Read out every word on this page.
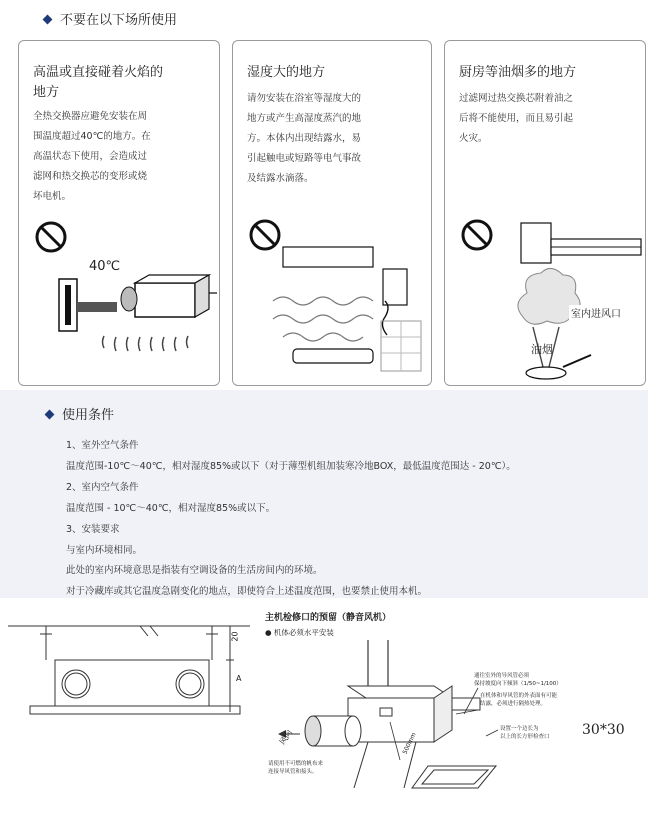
不要在以下场所使用
高温或直接碰着火焰的
地方
全热交换器应避免安装在周
围温度超过40℃的地方。在
高温状态下使用，会造成过
滤网和热交换芯的变形或烧
坏电机。
40℃
湿度大的地方
请勿安装在浴室等湿度大的
地方或产生高湿度蒸汽的地
方。本体内出现结露水，易
引起触电或短路等电气事故
及结露水滴落。
厨房等油烟多的地方
过滤网过热交换芯附着油之
后将不能使用，而且易引起
火灾。
室内进风口
油烟
使用条件
1、室外空气条件
温度范围-10℃～40℃，相对湿度85%或以下（对于薄型机组加装寒冷地BOX，最低温度范围达 - 20℃）。
2、室内空气条件
温度范围 - 10℃～40℃，相对湿度85%或以下。
3、安装要求
与室内环境相同。
此处的室内环境意思是指装有空调设备的生活房间内的环境。
对于冷藏库或其它温度急剧变化的地点，即使符合上述温度范围，也要禁止使用本机。
20
A
主机检修口的预留（静音风机）
● 机体必须水平安装
通往室外的导风管必须
保持坡度向下倾斜（1/50~1/100）
在机体和导风管的外表面有可能
结露，必须进行隔热处理。
设置一个边长为
以上的长方形检查口 30*30
风向	500mm
请使用不可燃的帆布来
连接导风管和接头。
